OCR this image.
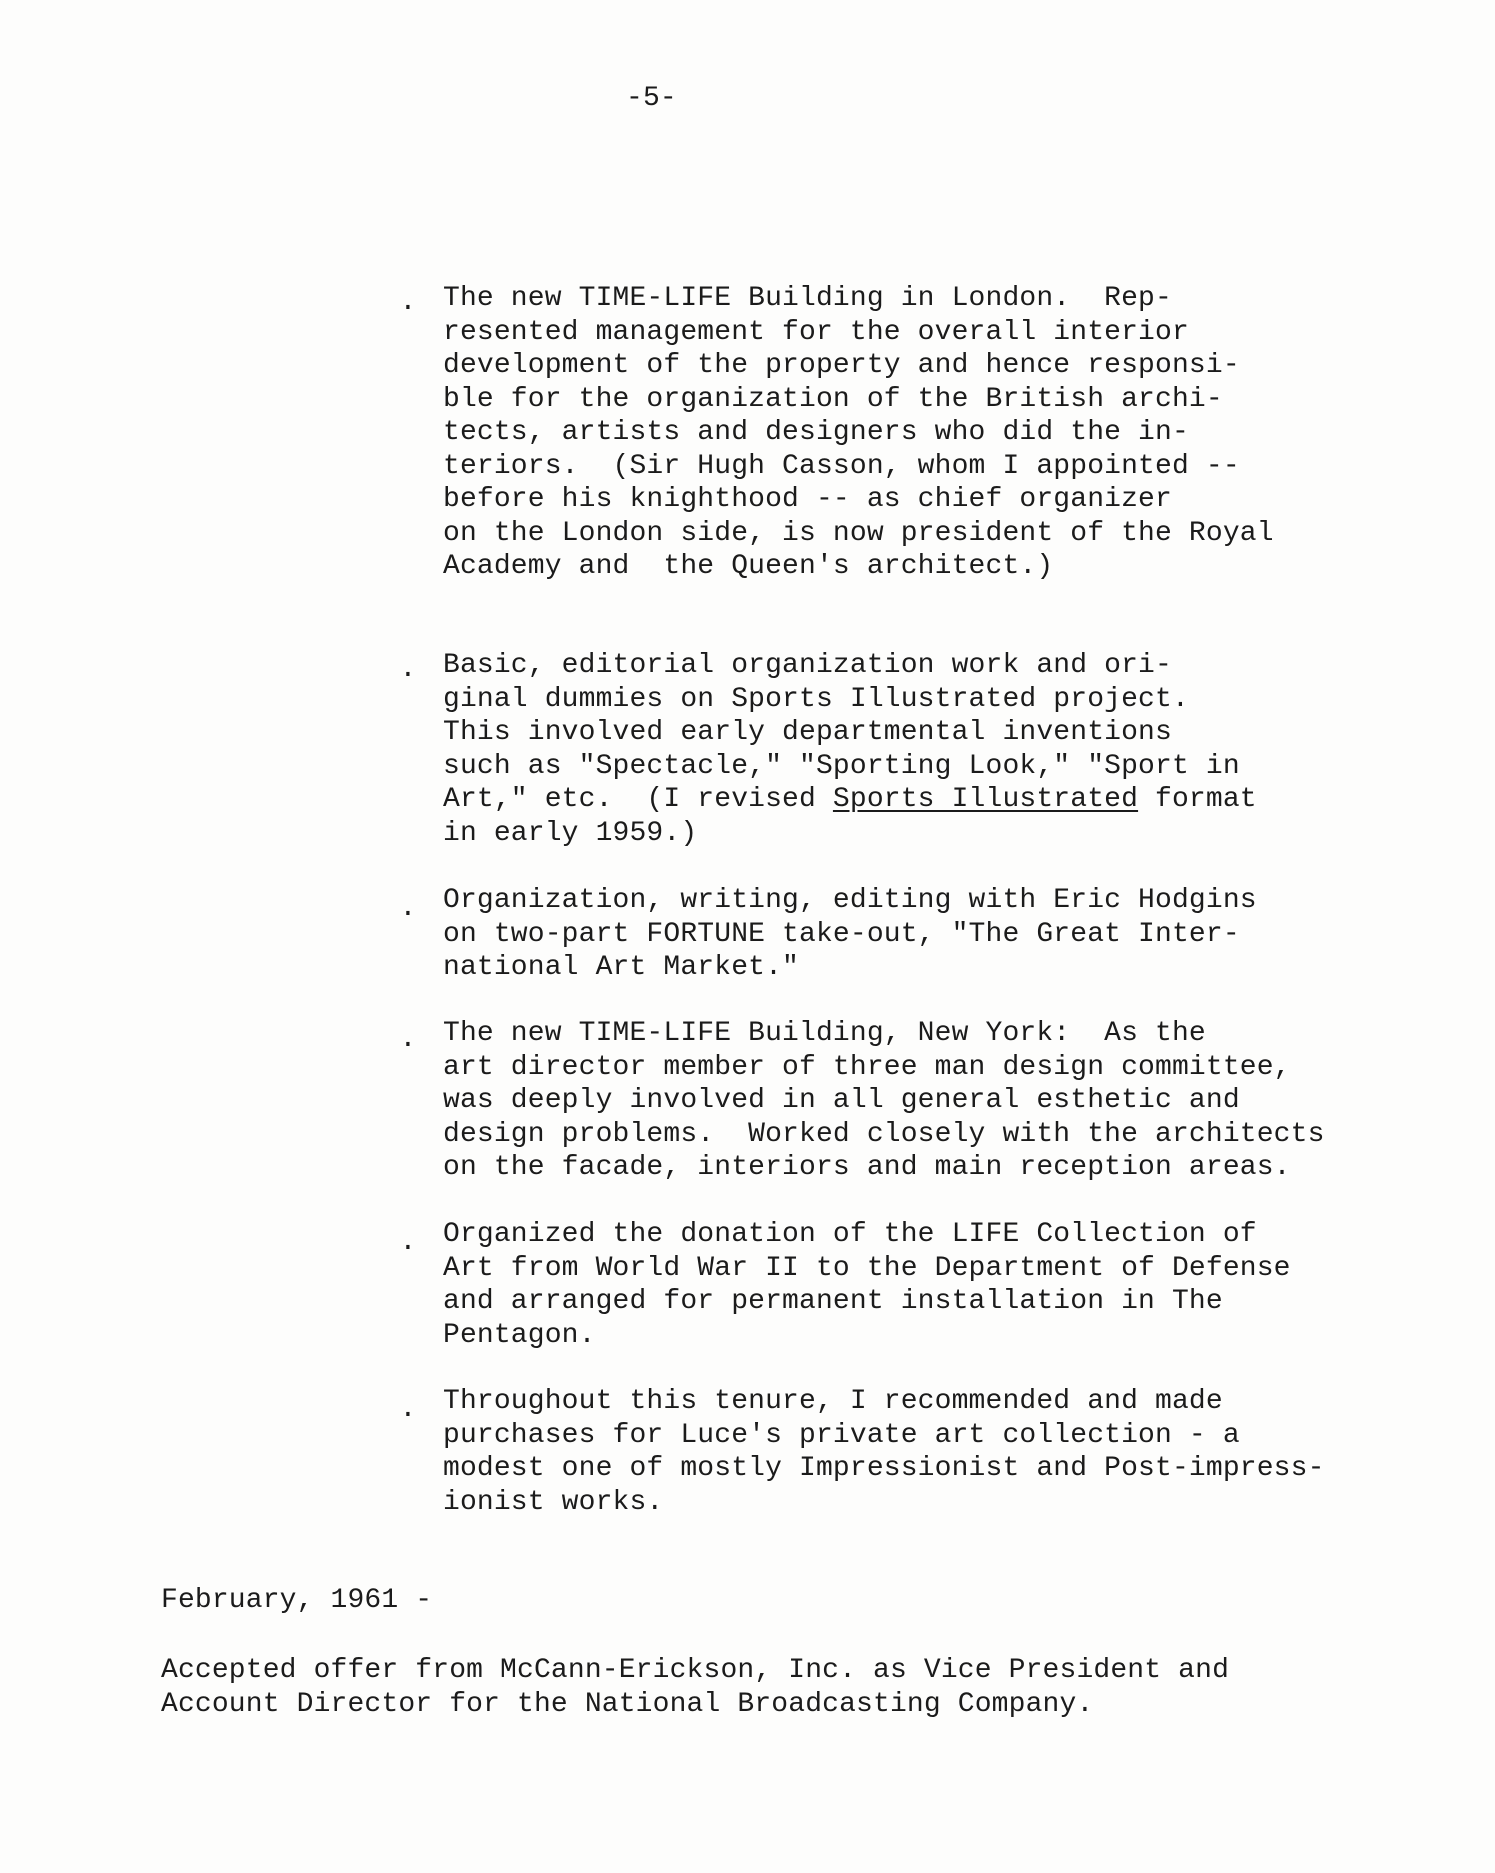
-5-
. The new TIME-LIFE Building in London.  Rep-
resented management for the overall interior
development of the property and hence responsi-
ble for the organization of the British archi-
tects, artists and designers who did the in-
teriors.  (Sir Hugh Casson, whom I appointed --
before his knighthood -- as chief organizer
on the London side, is now president of the Royal
Academy and  the Queen's architect.)
. Basic, editorial organization work and ori-
ginal dummies on Sports Illustrated project.
This involved early departmental inventions
such as "Spectacle," "Sporting Look," "Sport in
Art," etc.  (I revised Sports Illustrated format
in early 1959.)
. Organization, writing, editing with Eric Hodgins
on two-part FORTUNE take-out, "The Great Inter-
national Art Market."
. The new TIME-LIFE Building, New York:  As the
art director member of three man design committee,
was deeply involved in all general esthetic and
design problems.  Worked closely with the architects
on the facade, interiors and main reception areas.
. Organized the donation of the LIFE Collection of
Art from World War II to the Department of Defense
and arranged for permanent installation in The
Pentagon.
. Throughout this tenure, I recommended and made
purchases for Luce's private art collection - a
modest one of mostly Impressionist and Post-impress-
ionist works.
February, 1961 -
Accepted offer from McCann-Erickson, Inc. as Vice President and
Account Director for the National Broadcasting Company.
